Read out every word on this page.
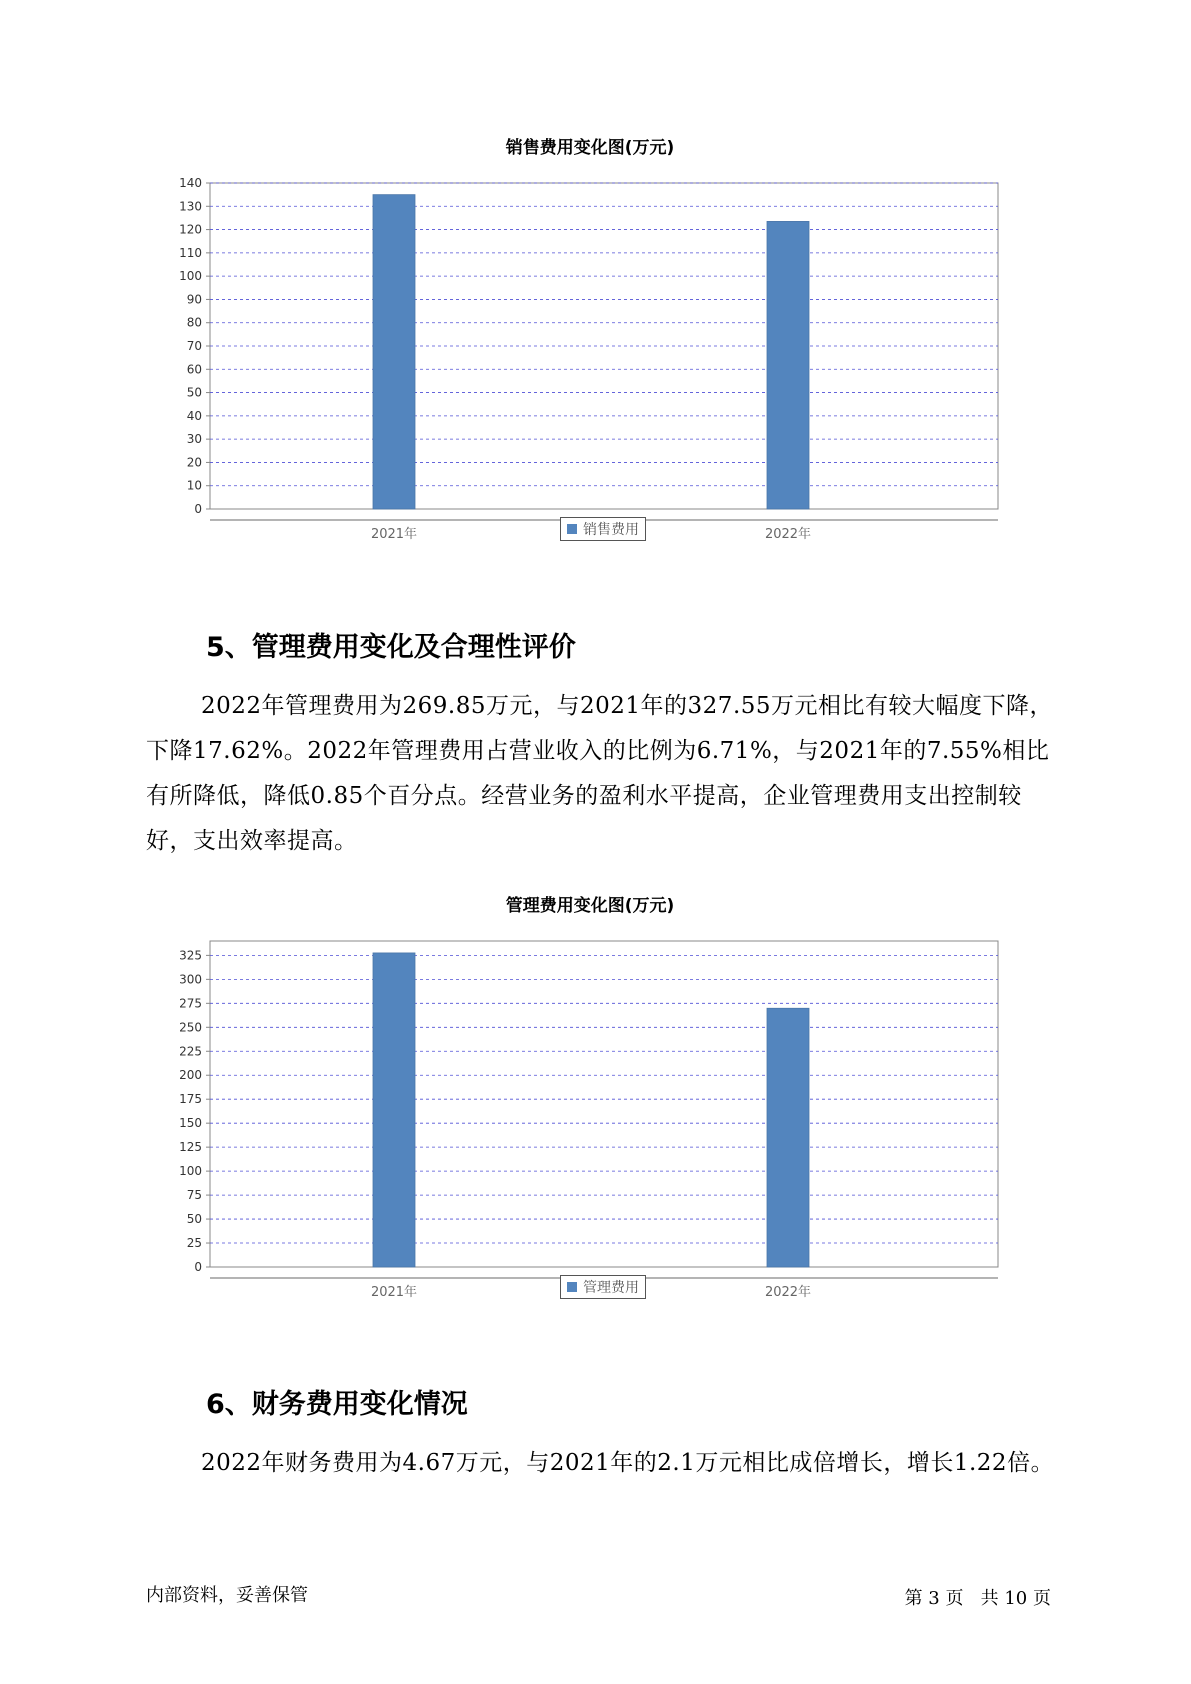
销售费用变化图(万元)
0
10
20
30
40
50
60
70
80
90
100
110
120
130
140
2021年	2022年
销售费用
5、管理费用变化及合理性评价

2022年管理费用为269.85万元，与2021年的327.55万元相比有较大幅度下降，下降17.62%。2022年管理费用占营业收入的比例为6.71%，与2021年的7.55%相比有所降低，降低0.85个百分点。经营业务的盈利水平提高，企业管理费用支出控制较好，支出效率提高。

管理费用变化图(万元)
0
25
50
75
100
125
150
175
200
225
250
275
300
325
2021年	2022年
管理费用
6、财务费用变化情况

2022年财务费用为4.67万元，与2021年的2.1万元相比成倍增长，增长1.22倍。

内部资料，妥善保管	第 3 页   共 10 页
